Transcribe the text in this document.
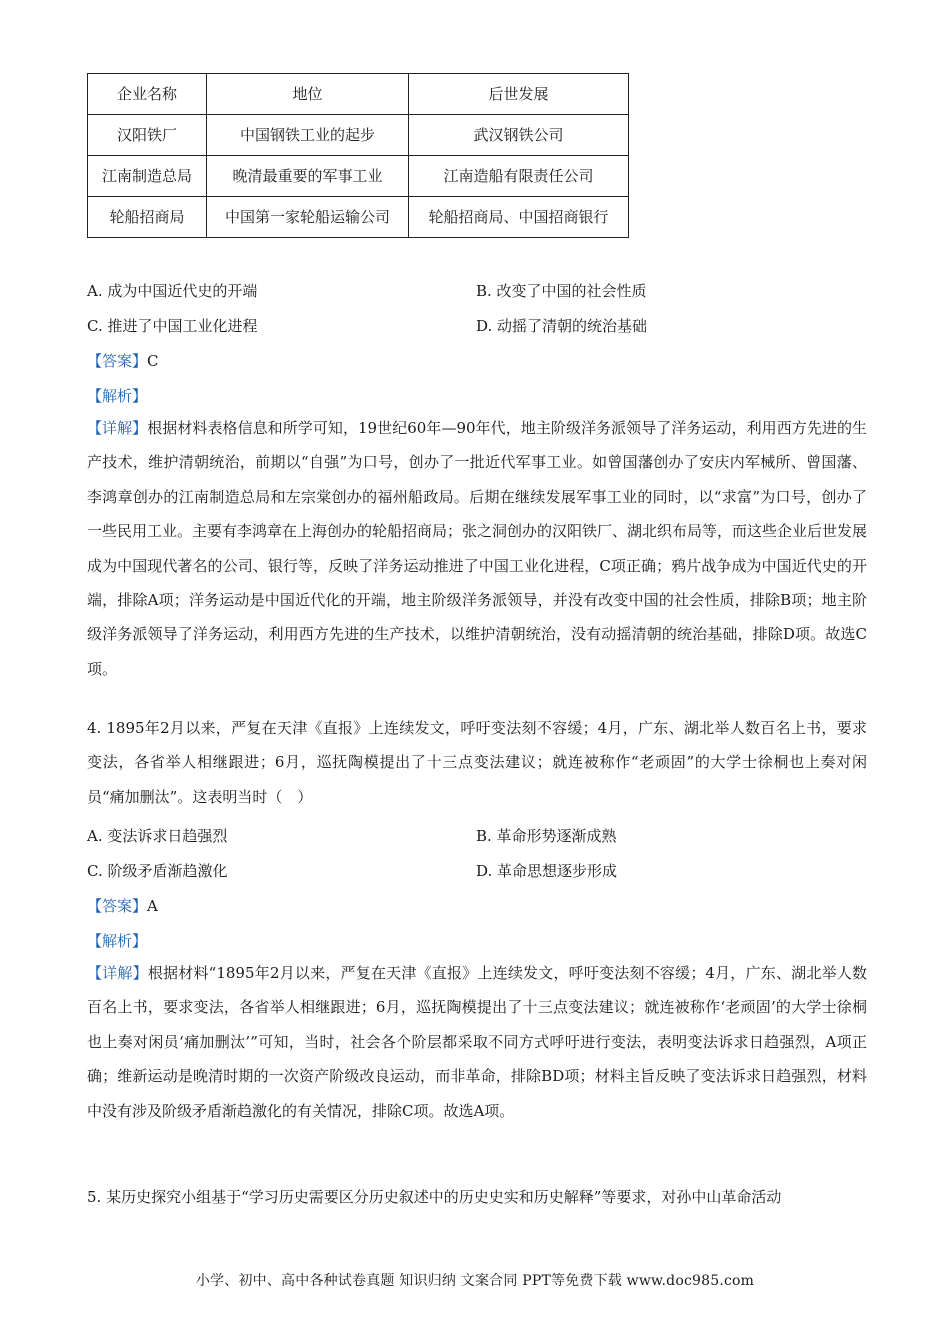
企业名称	地位	后世发展
汉阳铁厂	中国钢铁工业的起步	武汉钢铁公司
江南制造总局	晚清最重要的军事工业	江南造船有限责任公司
轮船招商局	中国第一家轮船运输公司	轮船招商局、中国招商银行
A. 成为中国近代史的开端	B. 改变了中国的社会性质
C. 推进了中国工业化进程	D. 动摇了清朝的统治基础
【答案】C
【解析】
【详解】根据材料表格信息和所学可知，19世纪60年—90年代，地主阶级洋务派领导了洋务运动，利用西方先进的生产技术，维护清朝统治，前期以“自强”为口号，创办了一批近代军事工业。如曾国藩创办了安庆内军械所、曾国藩、李鸿章创办的江南制造总局和左宗棠创办的福州船政局。后期在继续发展军事工业的同时，以“求富”为口号，创办了一些民用工业。主要有李鸿章在上海创办的轮船招商局；张之洞创办的汉阳铁厂、湖北织布局等，而这些企业后世发展成为中国现代著名的公司、银行等，反映了洋务运动推进了中国工业化进程，C项正确；鸦片战争成为中国近代史的开端，排除A项；洋务运动是中国近代化的开端，地主阶级洋务派领导，并没有改变中国的社会性质，排除B项；地主阶级洋务派领导了洋务运动，利用西方先进的生产技术，以维护清朝统治，没有动摇清朝的统治基础，排除D项。故选C项。
4. 1895年2月以来，严复在天津《直报》上连续发文，呼吁变法刻不容缓；4月，广东、湖北举人数百名上书，要求变法，各省举人相继跟进；6月，巡抚陶模提出了十三点变法建议；就连被称作“老顽固”的大学士徐桐也上奏对闲员“痛加删汰”。这表明当时（　）
A. 变法诉求日趋强烈	B. 革命形势逐渐成熟
C. 阶级矛盾渐趋激化	D. 革命思想逐步形成
【答案】A
【解析】
【详解】根据材料“1895年2月以来，严复在天津《直报》上连续发文，呼吁变法刻不容缓；4月，广东、湖北举人数百名上书，要求变法，各省举人相继跟进；6月，巡抚陶模提出了十三点变法建议；就连被称作‘老顽固’的大学士徐桐也上奏对闲员‘痛加删汰’”可知，当时，社会各个阶层都采取不同方式呼吁进行变法，表明变法诉求日趋强烈，A项正确；维新运动是晚清时期的一次资产阶级改良运动，而非革命，排除BD项；材料主旨反映了变法诉求日趋强烈，材料中没有涉及阶级矛盾渐趋激化的有关情况，排除C项。故选A项。
5. 某历史探究小组基于“学习历史需要区分历史叙述中的历史史实和历史解释”等要求，对孙中山革命活动
小学、初中、高中各种试卷真题 知识归纳 文案合同 PPT等免费下载 www.doc985.com
